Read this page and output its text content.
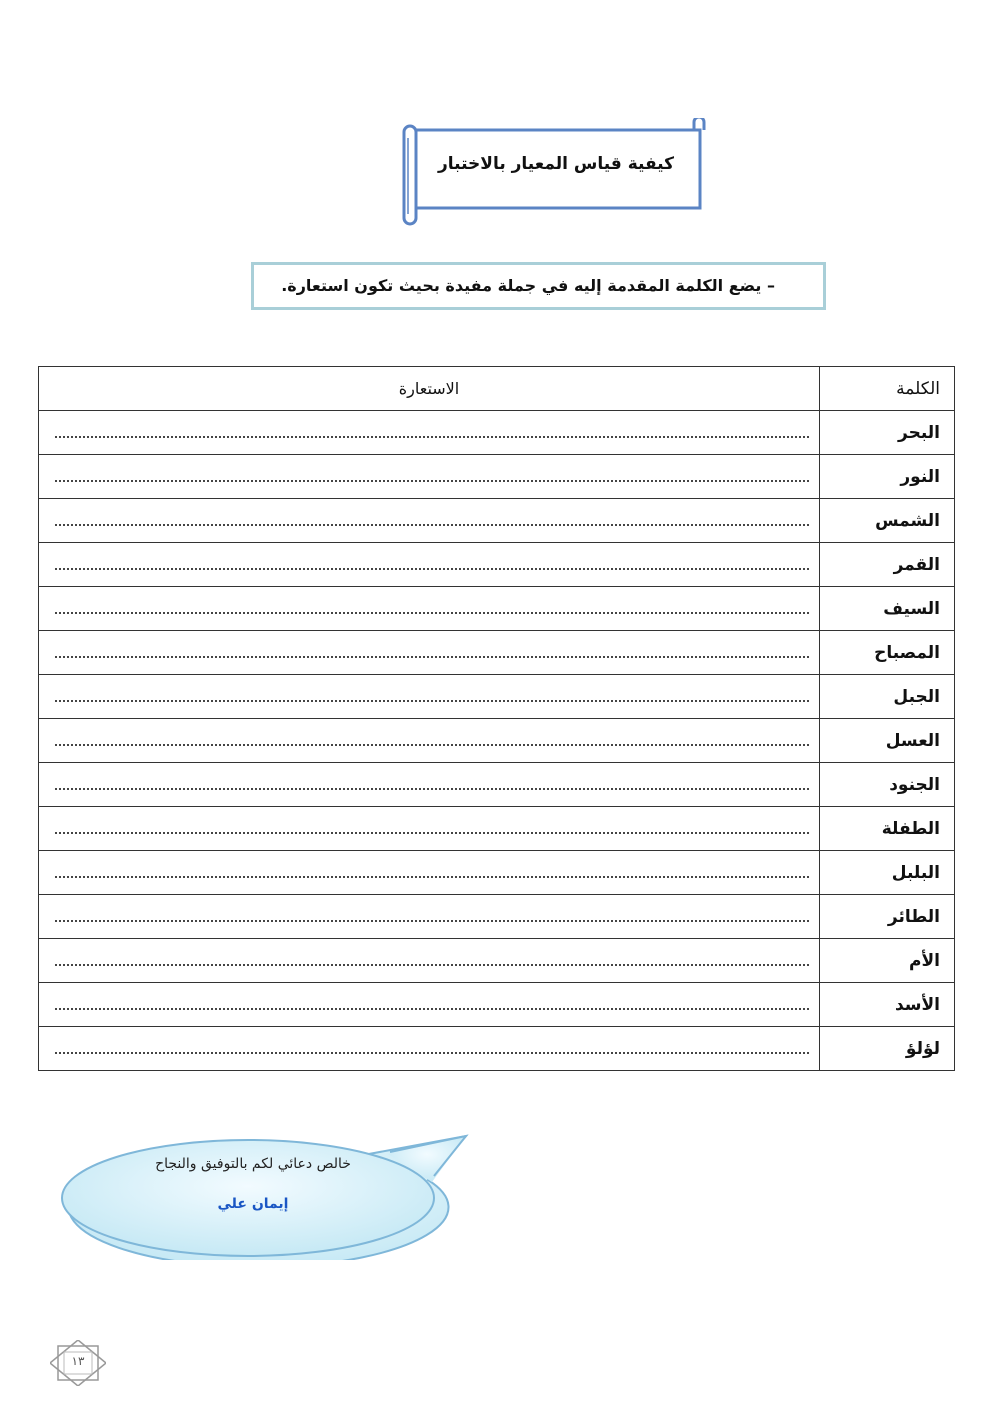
كيفية قياس المعيار بالاختبار
– يضع الكلمة المقدمة إليه في جملة مفيدة بحيث تكون استعارة.
الكلمة	الاستعارة
البحر	

النور	

الشمس	

القمر	

السيف	

المصباح	

الجبل	

العسل	

الجنود	

الطفلة	

البلبل	

الطائر	

الأم	

الأسد	

لؤلؤ	
خالص دعائي لكم بالتوفيق والنجاح
إيمان علي
١٣
